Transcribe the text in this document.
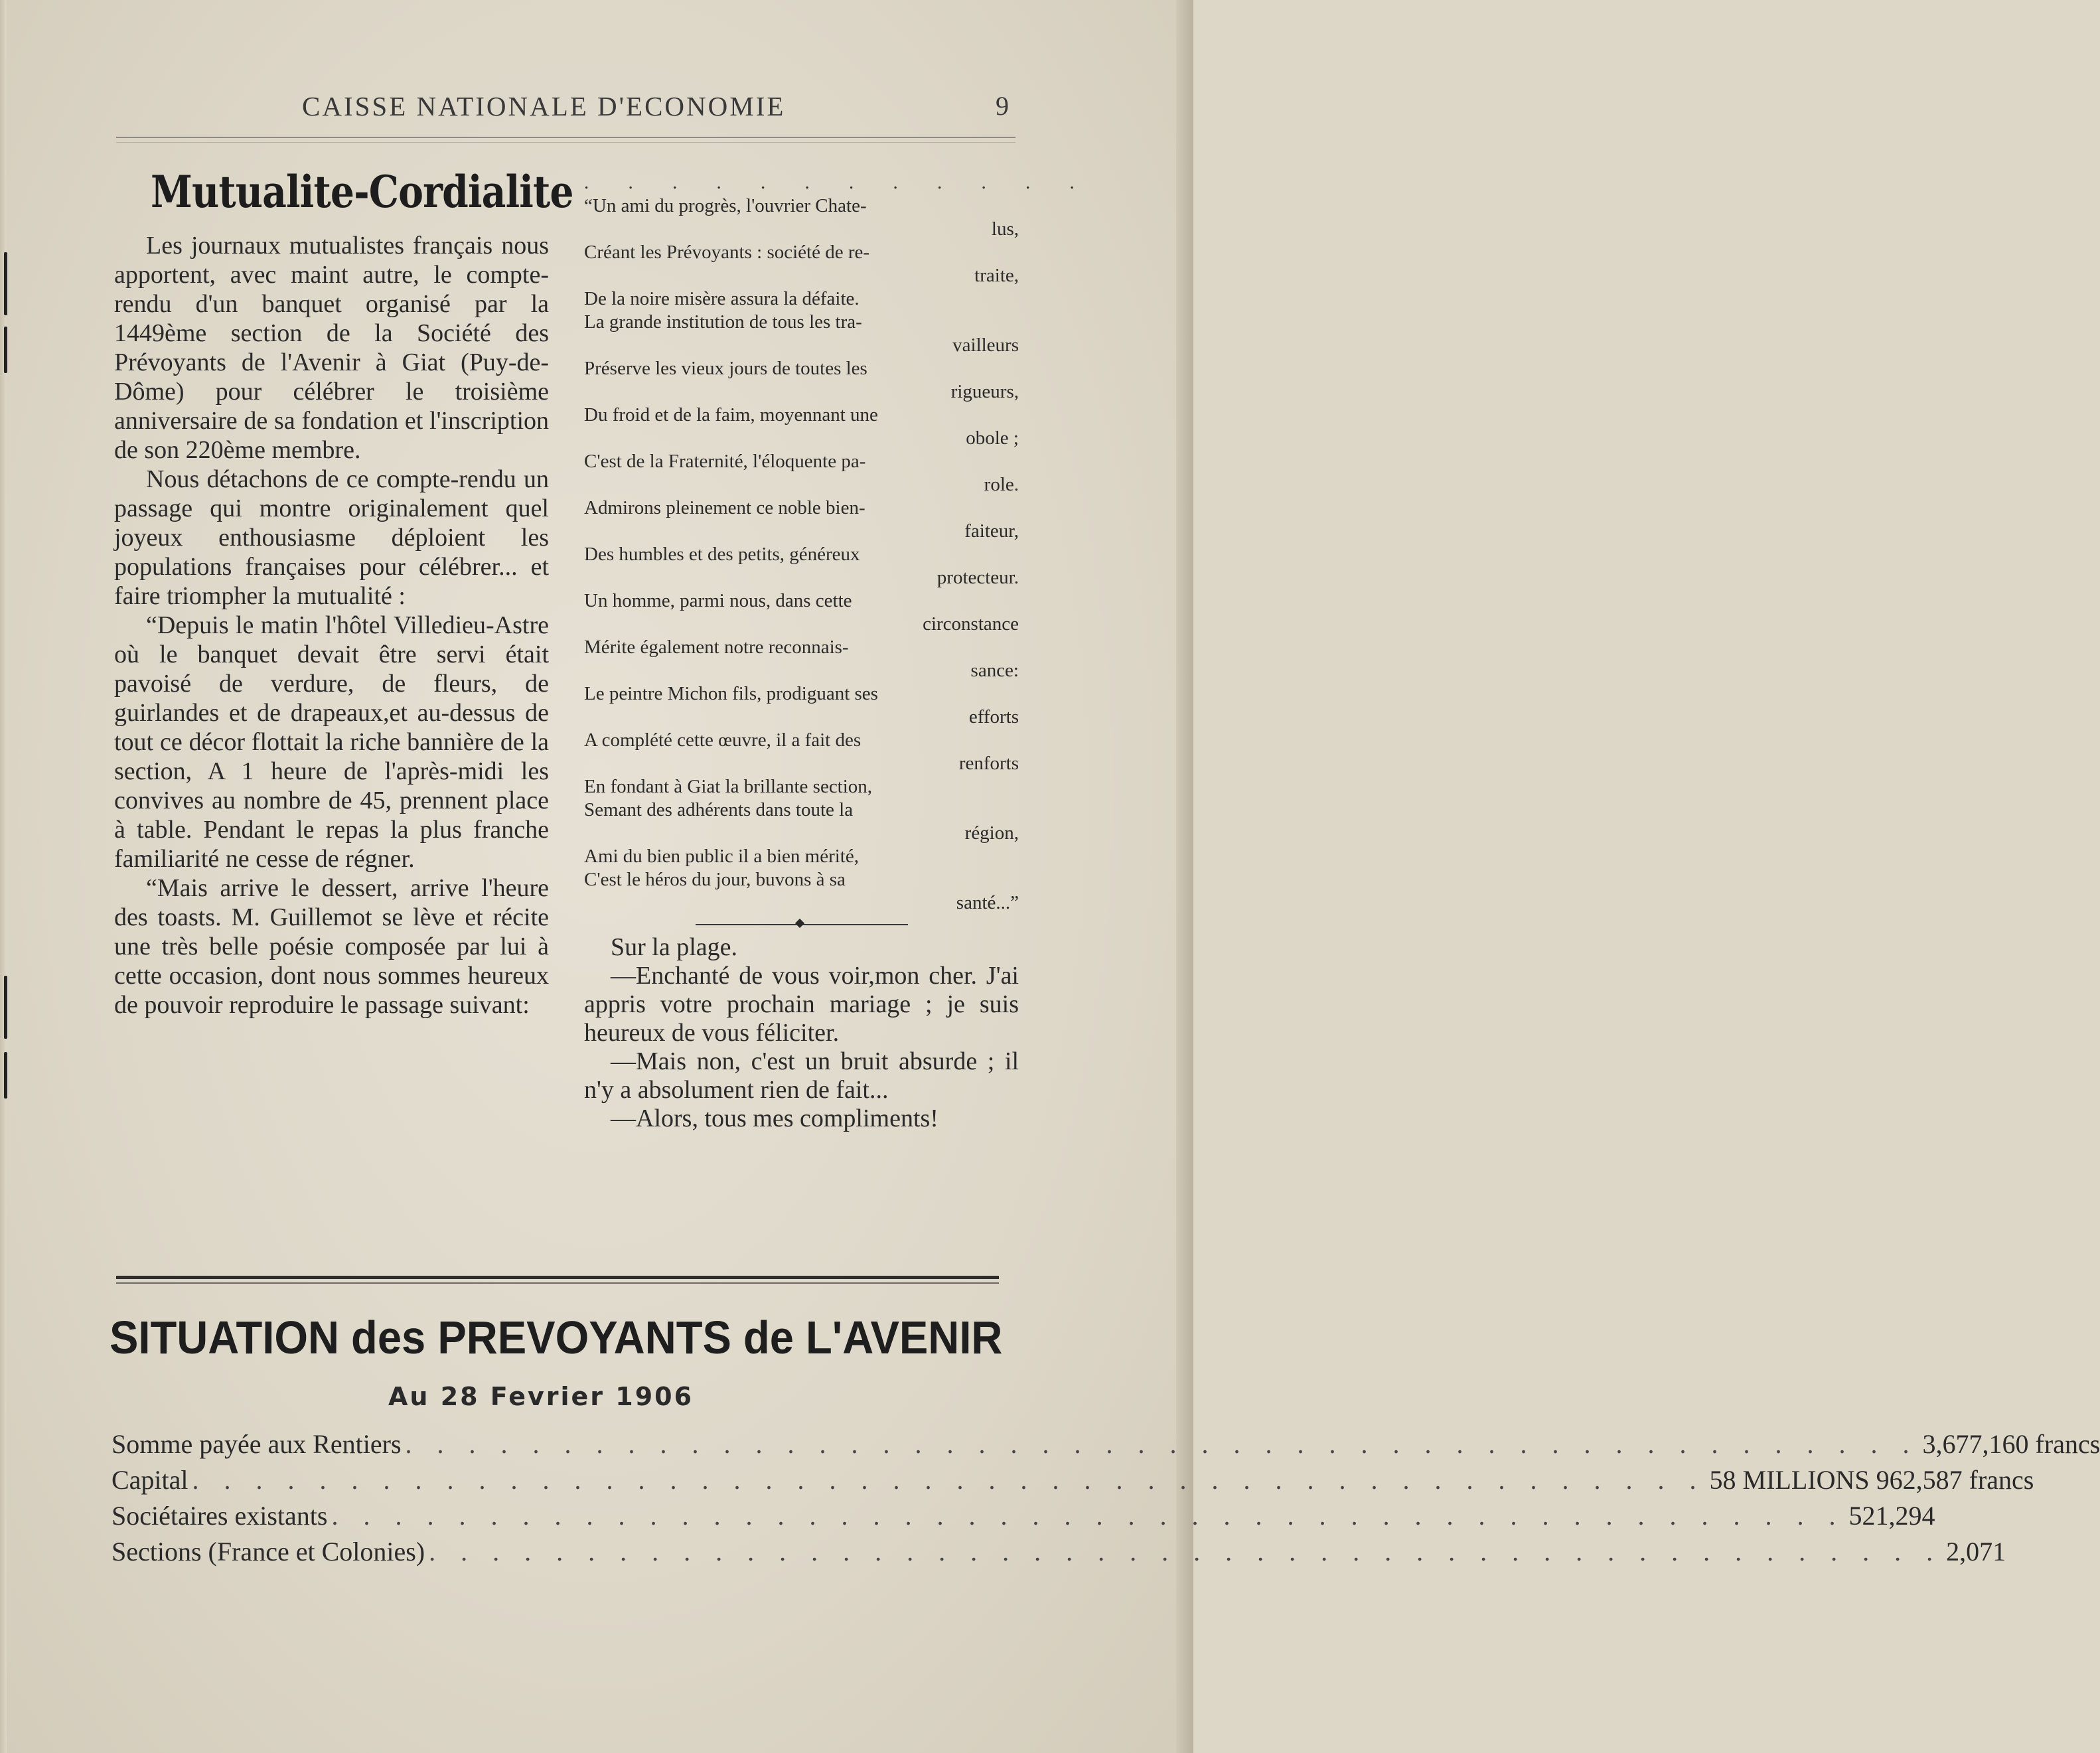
CAISSE NATIONALE D'ECONOMIE	9
Mutualite-Cordialite

Les journaux mutualistes français nous apportent, avec maint autre, le compte-rendu d'un banquet organisé par la 1449ème section de la Société des Prévoyants de l'Avenir à Giat (Puy-de-Dôme) pour célébrer le troisième anniversaire de sa fondation et l'inscription de son 220ème membre.

Nous détachons de ce compte-rendu un passage qui montre originalement quel joyeux enthousiasme déploient les populations françaises pour célébrer... et faire triompher la mutualité :

“Depuis le matin l'hôtel Villedieu-Astre où le banquet devait être servi était pavoisé de verdure, de fleurs, de guirlandes et de drapeaux,et au-dessus de tout ce décor flottait la riche bannière de la section, A 1 heure de l'après-midi les convives au nombre de 45, prennent place à table. Pendant le repas la plus franche familiarité ne cesse de régner.

“Mais arrive le dessert, arrive l'heure des toasts. M. Guillemot se lève et récite une très belle poésie composée par lui à cette occasion, dont nous sommes heureux de pouvoir reproduire le passage suivant:

. . . . . . . . . . . .
“Un ami du progrès, l'ouvrier Chate-
lus,
Créant les Prévoyants : société de re-
traite,
De la noire misère assura la défaite.
La grande institution de tous les tra-
vailleurs
Préserve les vieux jours de toutes les
rigueurs,
Du froid et de la faim, moyennant une
obole ;
C'est de la Fraternité, l'éloquente pa-
role.
Admirons pleinement ce noble bien-
faiteur,
Des humbles et des petits, généreux
protecteur.
Un homme, parmi nous, dans cette
circonstance
Mérite également notre reconnais-
sance:
Le peintre Michon fils, prodiguant ses
efforts
A complété cette œuvre, il a fait des
renforts
En fondant à Giat la brillante section,
Semant des adhérents dans toute la
région,
Ami du bien public il a bien mérité,
C'est le héros du jour, buvons à sa
santé...”

Sur la plage.

—Enchanté de vous voir,mon cher. J'ai appris votre prochain mariage ; je suis heureux de vous féliciter.

—Mais non, c'est un bruit absurde ; il n'y a absolument rien de fait...

—Alors, tous mes compliments!

SITUATION des PREVOYANTS de L'AVENIR
Au 28 Fevrier 1906
Somme payée aux Rentiers . . . . . . . . . . . . . . . . . . . . . . . . . . . . . . . . . . . . . . . . . . . . . . . . 3,677,160 francs
Capital . . . . . . . . . . . . . . . . . . . . . . . . . . . . . . . . . . . . . . . . . . . . . . . . 58 MILLIONS 962,587 francs
Sociétaires existants . . . . . . . . . . . . . . . . . . . . . . . . . . . . . . . . . . . . . . . . . . . . . . . . 521,294
Sections (France et Colonies) . . . . . . . . . . . . . . . . . . . . . . . . . . . . . . . . . . . . . . . . . . . . . . . . 2,071
